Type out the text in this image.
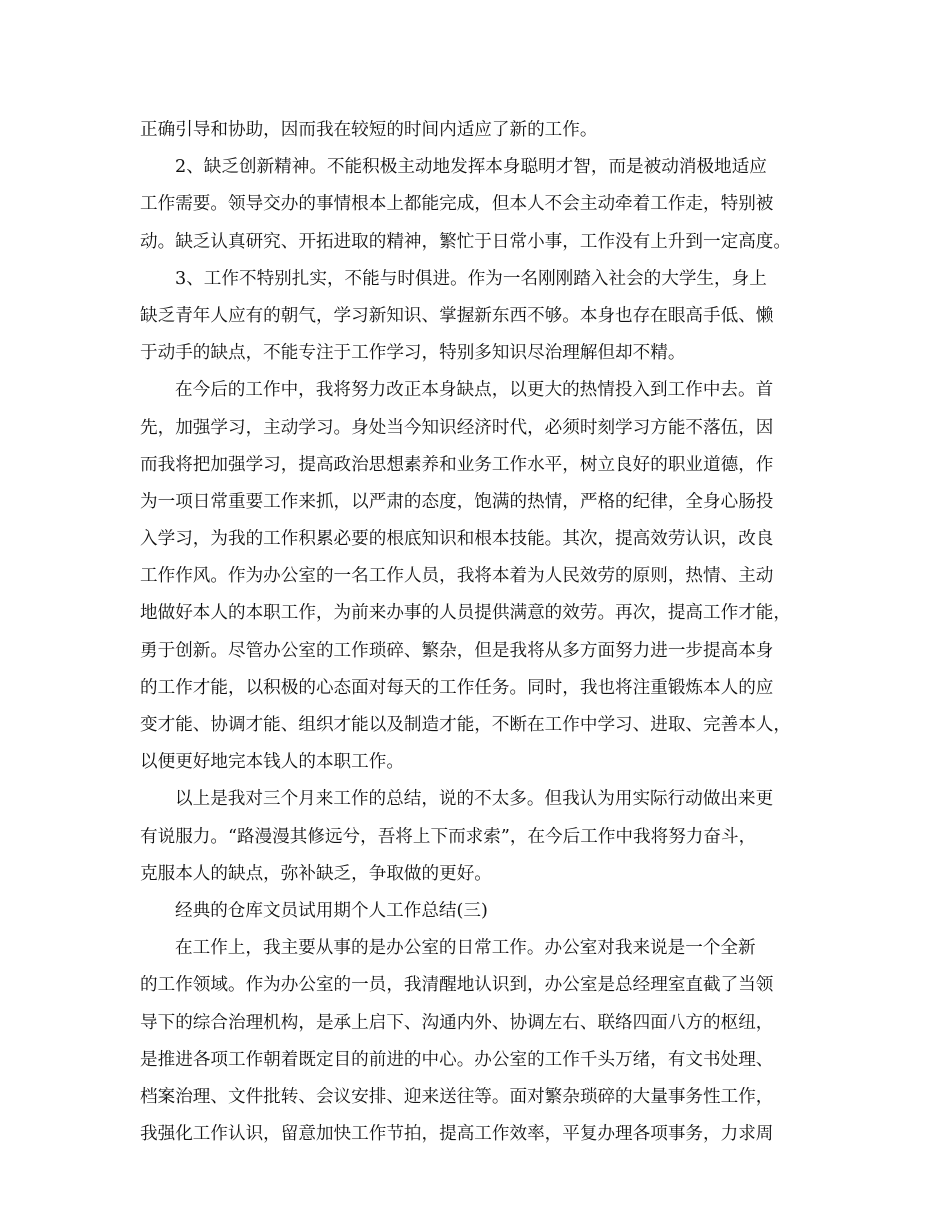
正确引导和协助，因而我在较短的时间内适应了新的工作。
2、缺乏创新精神。不能积极主动地发挥本身聪明才智，而是被动消极地适应
工作需要。领导交办的事情根本上都能完成，但本人不会主动牵着工作走，特别被
动。缺乏认真研究、开拓进取的精神，繁忙于日常小事，工作没有上升到一定高度。
3、工作不特别扎实，不能与时俱进。作为一名刚刚踏入社会的大学生，身上
缺乏青年人应有的朝气，学习新知识、掌握新东西不够。本身也存在眼高手低、懒
于动手的缺点，不能专注于工作学习，特别多知识尽治理解但却不精。
在今后的工作中，我将努力改正本身缺点，以更大的热情投入到工作中去。首
先，加强学习，主动学习。身处当今知识经济时代，必须时刻学习方能不落伍，因
而我将把加强学习，提高政治思想素养和业务工作水平，树立良好的职业道德，作
为一项日常重要工作来抓，以严肃的态度，饱满的热情，严格的纪律，全身心肠投
入学习，为我的工作积累必要的根底知识和根本技能。其次，提高效劳认识，改良
工作作风。作为办公室的一名工作人员，我将本着为人民效劳的原则，热情、主动
地做好本人的本职工作，为前来办事的人员提供满意的效劳。再次，提高工作才能，
勇于创新。尽管办公室的工作琐碎、繁杂，但是我将从多方面努力进一步提高本身
的工作才能，以积极的心态面对每天的工作任务。同时，我也将注重锻炼本人的应
变才能、协调才能、组织才能以及制造才能，不断在工作中学习、进取、完善本人，
以便更好地完本钱人的本职工作。
以上是我对三个月来工作的总结，说的不太多。但我认为用实际行动做出来更
有说服力。“路漫漫其修远兮，吾将上下而求索”，在今后工作中我将努力奋斗，
克服本人的缺点，弥补缺乏，争取做的更好。
经典的仓库文员试用期个人工作总结(三)
在工作上，我主要从事的是办公室的日常工作。办公室对我来说是一个全新
的工作领域。作为办公室的一员，我清醒地认识到，办公室是总经理室直截了当领
导下的综合治理机构，是承上启下、沟通内外、协调左右、联络四面八方的枢纽，
是推进各项工作朝着既定目的前进的中心。办公室的工作千头万绪，有文书处理、
档案治理、文件批转、会议安排、迎来送往等。面对繁杂琐碎的大量事务性工作，
我强化工作认识，留意加快工作节拍，提高工作效率，平复办理各项事务，力求周
